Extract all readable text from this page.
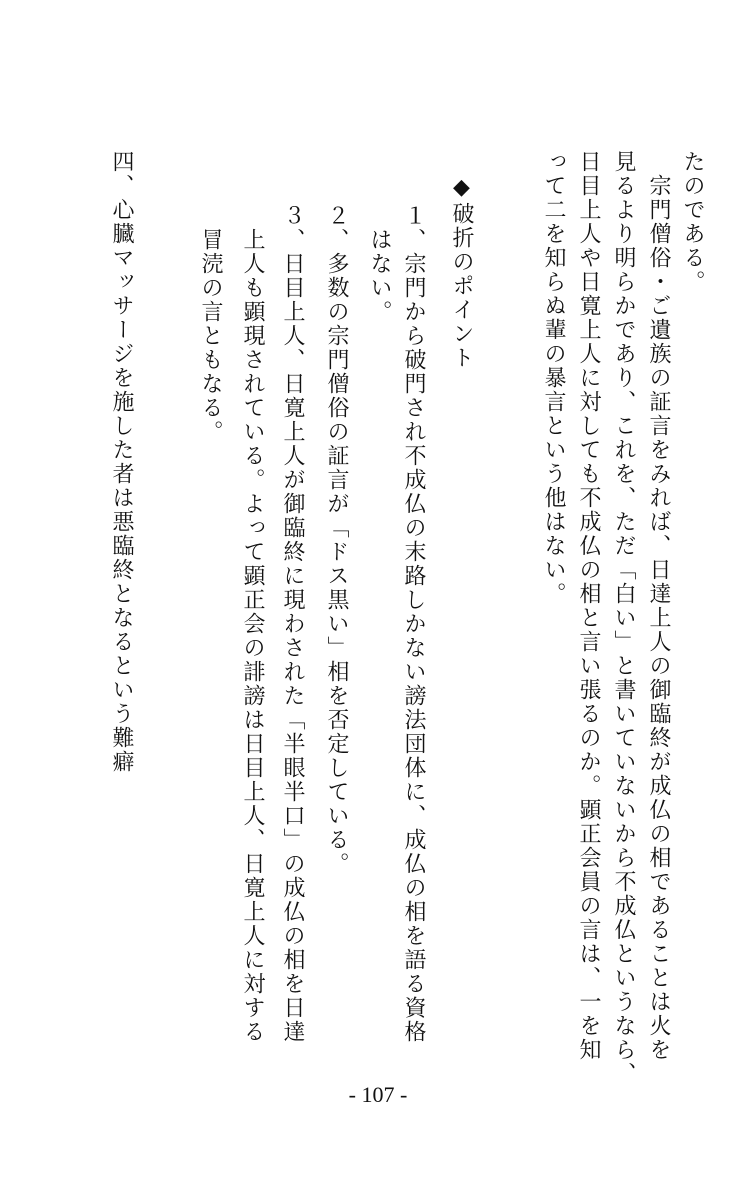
たのである。
　宗門僧俗・ご遺族の証言をみれば、日達上人の御臨終が成仏の相であることは火を
見るより明らかであり、これを、ただ「白い」と書いていないから不成仏というなら、
日目上人や日寛上人に対しても不成仏の相と言い張るのか。顕正会員の言は、一を知
って二を知らぬ輩の暴言という他はない。
◆破折のポイント
　１、宗門から破門され不成仏の末路しかない謗法団体に、成仏の相を語る資格
　　はない。
　２、多数の宗門僧俗の証言が「ドス黒い」相を否定している。
　３、日目上人、日寛上人が御臨終に現わされた「半眼半口」の成仏の相を日達
　　上人も顕現されている。よって顕正会の誹謗は日目上人、日寛上人に対する
　　冒涜の言ともなる。
四、心臓マッサージを施した者は悪臨終となるという難癖
- 107 -
